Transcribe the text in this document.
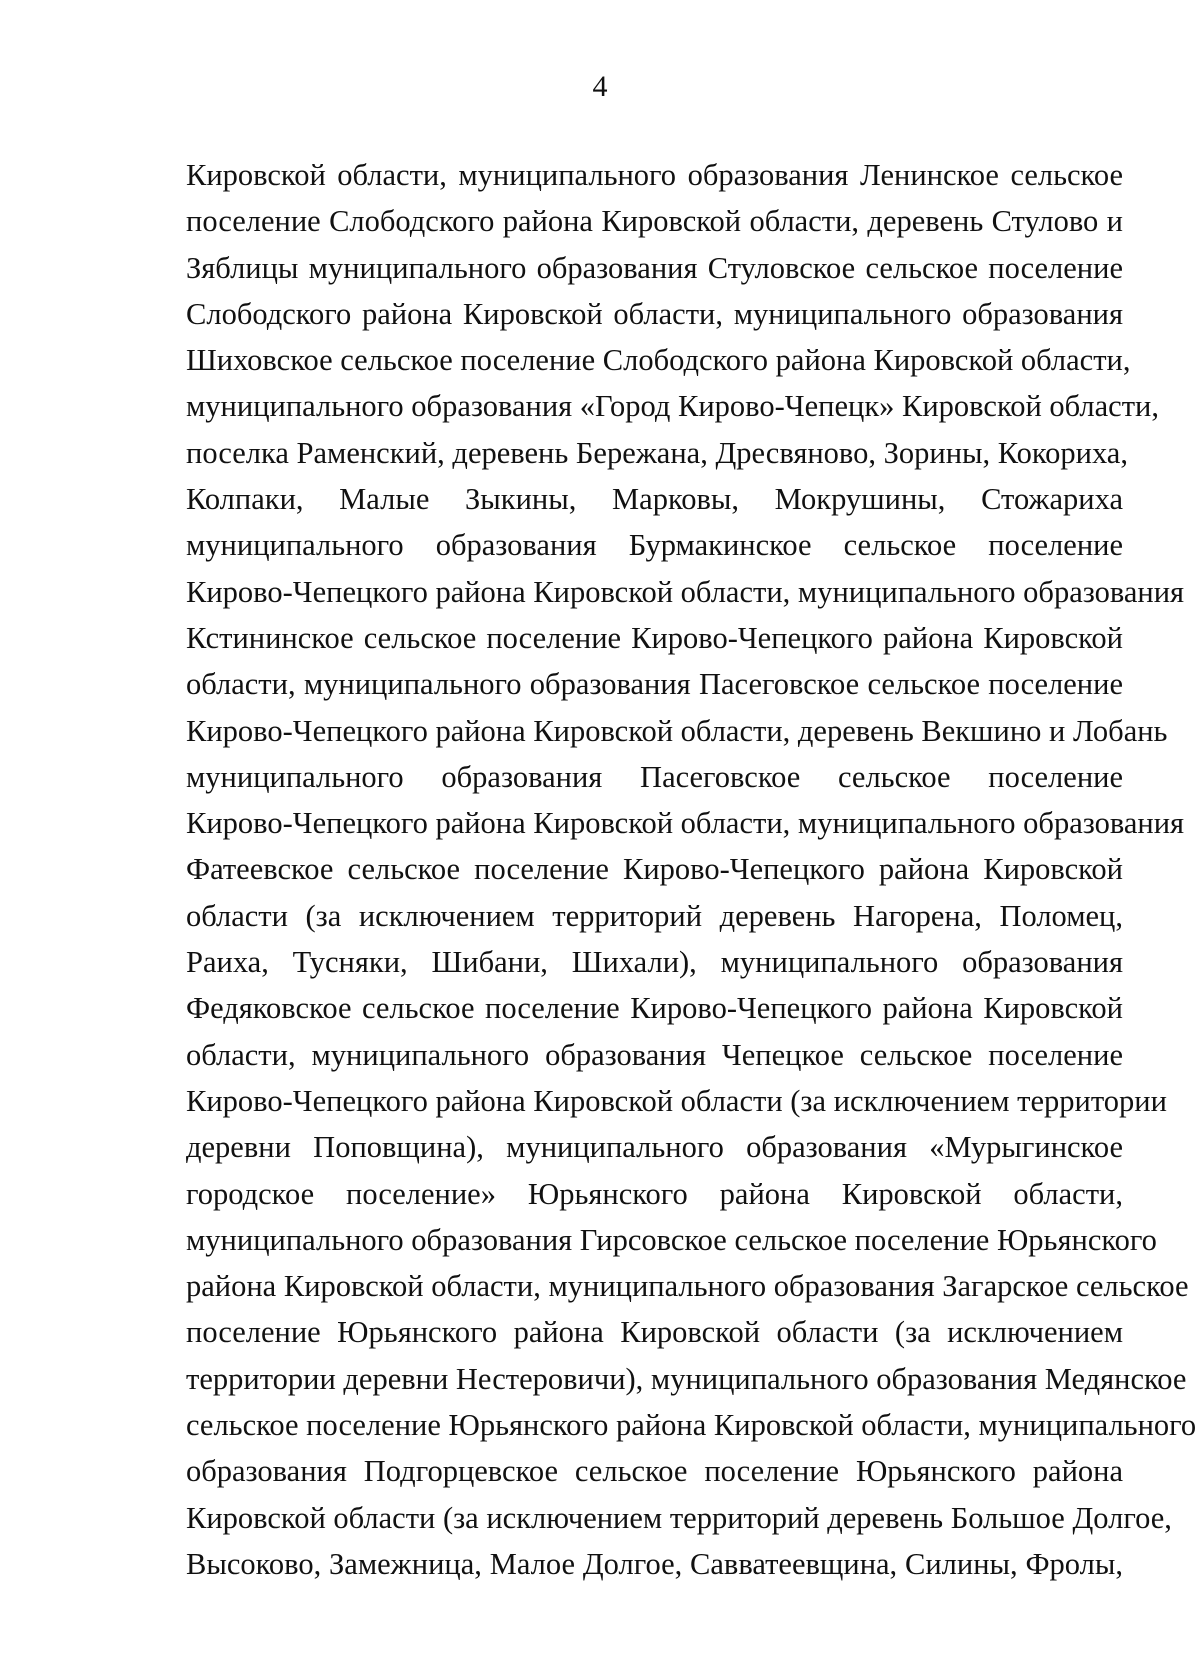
4
Кировской области, муниципального образования Ленинское сельское
поселение Слободского района Кировской области, деревень Стулово и
Зяблицы муниципального образования Стуловское сельское поселение
Слободского района Кировской области, муниципального образования
Шиховское сельское поселение Слободского района Кировской области,
муниципального образования «Город Кирово-Чепецк» Кировской области,
поселка Раменский, деревень Бережана, Дресвяново, Зорины, Кокориха,
Колпаки, Малые Зыкины, Марковы, Мокрушины, Стожариха
муниципального образования Бурмакинское сельское поселение
Кирово-Чепецкого района Кировской области, муниципального образования
Кстининское сельское поселение Кирово-Чепецкого района Кировской
области, муниципального образования Пасеговское сельское поселение
Кирово-Чепецкого района Кировской области, деревень Векшино и Лобань
муниципального образования Пасеговское сельское поселение
Кирово-Чепецкого района Кировской области, муниципального образования
Фатеевское сельское поселение Кирово-Чепецкого района Кировской
области (за исключением территорий деревень Нагорена, Поломец,
Раиха, Тусняки, Шибани, Шихали), муниципального образования
Федяковское сельское поселение Кирово-Чепецкого района Кировской
области, муниципального образования Чепецкое сельское поселение
Кирово-Чепецкого района Кировской области (за исключением территории
деревни Поповщина), муниципального образования «Мурыгинское
городское поселение» Юрьянского района Кировской области,
муниципального образования Гирсовское сельское поселение Юрьянского
района Кировской области, муниципального образования Загарское сельское
поселение Юрьянского района Кировской области (за исключением
территории деревни Нестеровичи), муниципального образования Медянское
сельское поселение Юрьянского района Кировской области, муниципального
образования Подгорцевское сельское поселение Юрьянского района
Кировской области (за исключением территорий деревень Большое Долгое,
Высоково, Замежница, Малое Долгое, Савватеевщина, Силины, Фролы,
